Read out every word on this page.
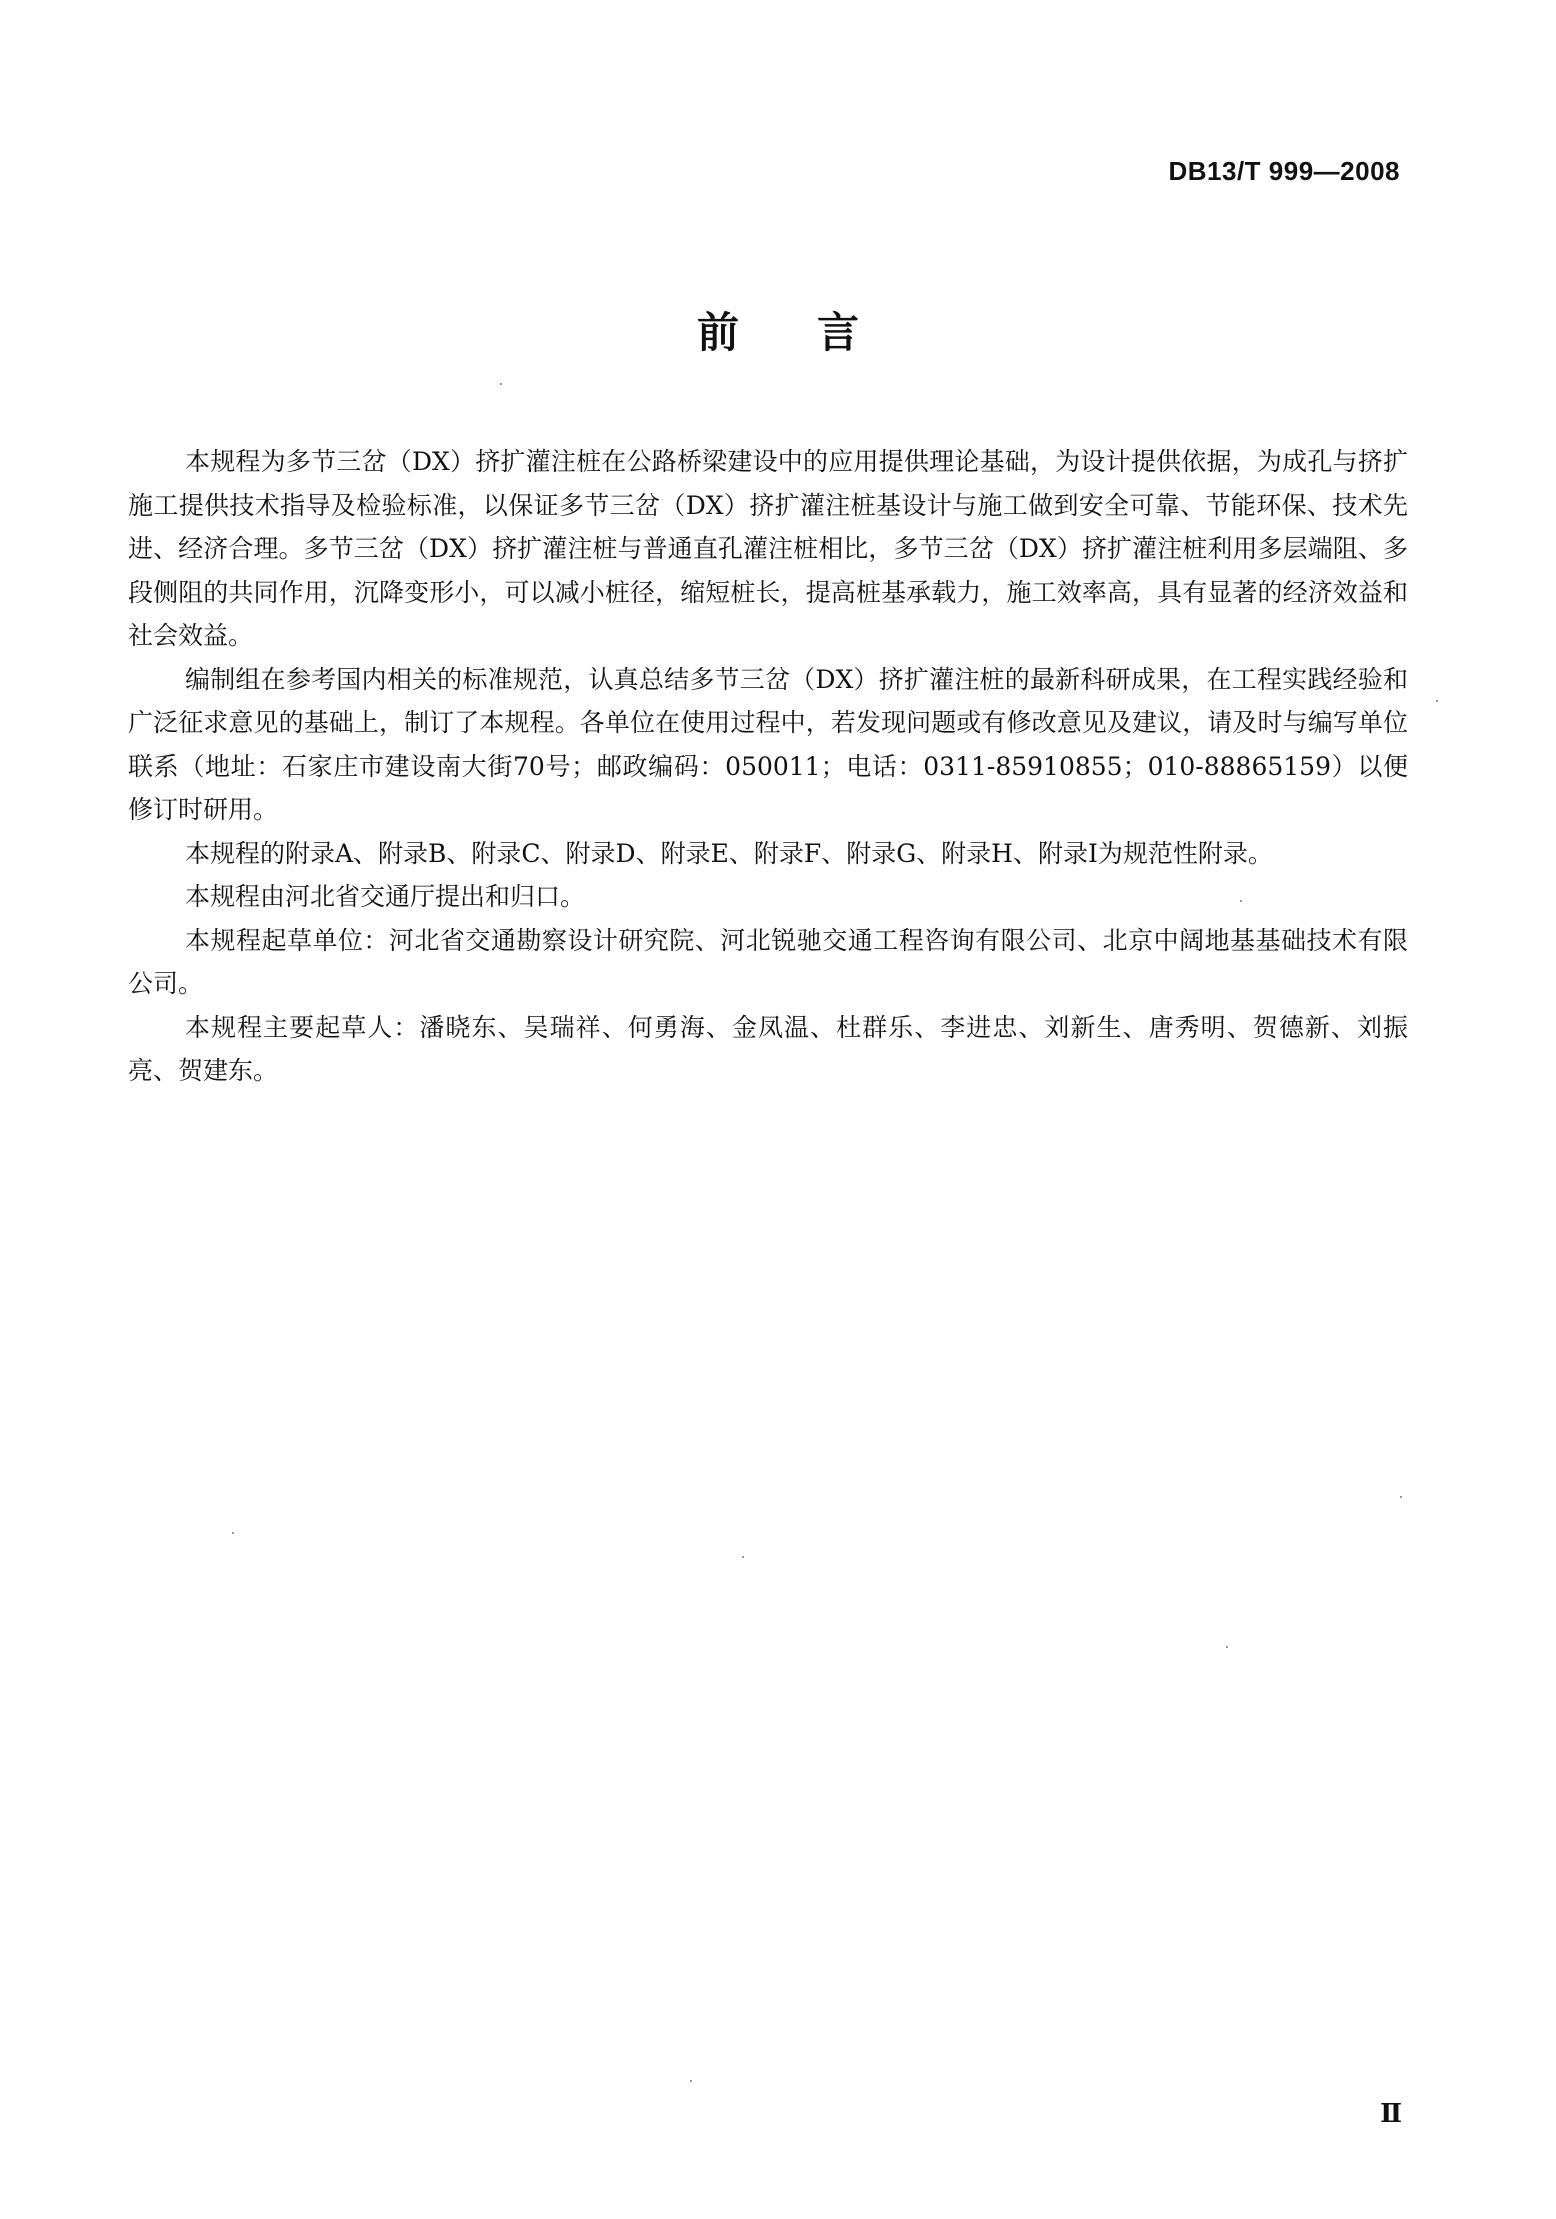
DB13/T 999—2008
前言

本规程为多节三岔（DX）挤扩灌注桩在公路桥梁建设中的应用提供理论基础，为设计提供依据，为成孔与挤扩施工提供技术指导及检验标准，以保证多节三岔（DX）挤扩灌注桩基设计与施工做到安全可靠、节能环保、技术先进、经济合理。多节三岔（DX）挤扩灌注桩与普通直孔灌注桩相比，多节三岔（DX）挤扩灌注桩利用多层端阻、多段侧阻的共同作用，沉降变形小，可以减小桩径，缩短桩长，提高桩基承载力，施工效率高，具有显著的经济效益和社会效益。

编制组在参考国内相关的标准规范，认真总结多节三岔（DX）挤扩灌注桩的最新科研成果，在工程实践经验和广泛征求意见的基础上，制订了本规程。各单位在使用过程中，若发现问题或有修改意见及建议，请及时与编写单位联系（地址：石家庄市建设南大街70号；邮政编码：050011；电话：0311-85910855；010-88865159）以便修订时研用。

本规程的附录A、附录B、附录C、附录D、附录E、附录F、附录G、附录H、附录I为规范性附录。

本规程由河北省交通厅提出和归口。

本规程起草单位：河北省交通勘察设计研究院、河北锐驰交通工程咨询有限公司、北京中阔地基基础技术有限公司。

本规程主要起草人：潘晓东、吴瑞祥、何勇海、金凤温、杜群乐、李进忠、刘新生、唐秀明、贺德新、刘振亮、贺建东。

Ⅱ
